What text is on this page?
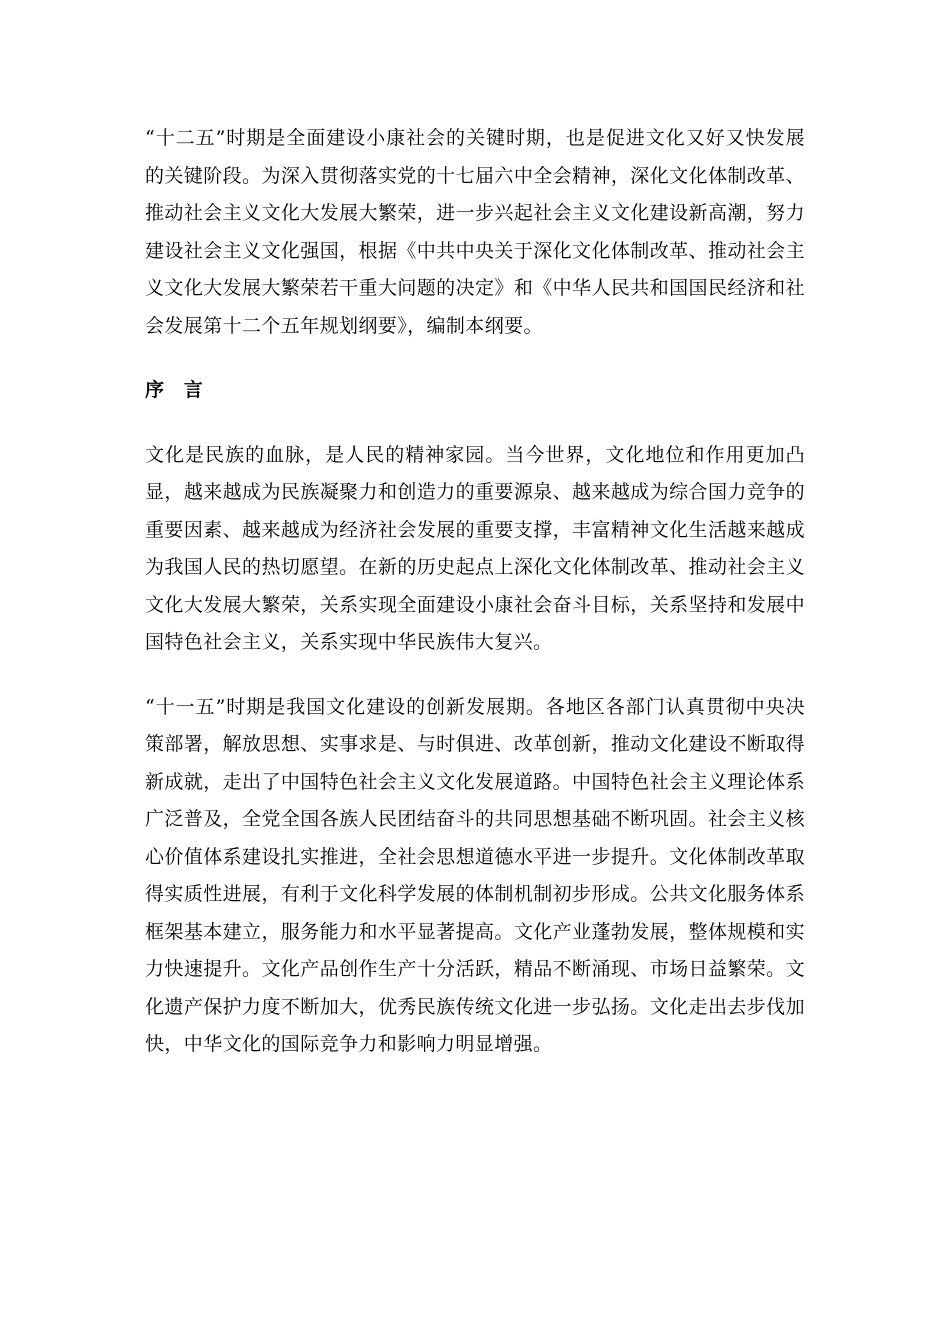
“十二五”时期是全面建设小康社会的关键时期，也是促进文化又好又快发展的关键阶段。为深入贯彻落实党的十七届六中全会精神，深化文化体制改革、推动社会主义文化大发展大繁荣，进一步兴起社会主义文化建设新高潮，努力建设社会主义文化强国，根据《中共中央关于深化文化体制改革、推动社会主义文化大发展大繁荣若干重大问题的决定》和《中华人民共和国国民经济和社会发展第十二个五年规划纲要》，编制本纲要。

序　言

文化是民族的血脉，是人民的精神家园。当今世界，文化地位和作用更加凸显，越来越成为民族凝聚力和创造力的重要源泉、越来越成为综合国力竞争的重要因素、越来越成为经济社会发展的重要支撑，丰富精神文化生活越来越成为我国人民的热切愿望。在新的历史起点上深化文化体制改革、推动社会主义文化大发展大繁荣，关系实现全面建设小康社会奋斗目标，关系坚持和发展中国特色社会主义，关系实现中华民族伟大复兴。

“十一五”时期是我国文化建设的创新发展期。各地区各部门认真贯彻中央决策部署，解放思想、实事求是、与时俱进、改革创新，推动文化建设不断取得新成就，走出了中国特色社会主义文化发展道路。中国特色社会主义理论体系广泛普及，全党全国各族人民团结奋斗的共同思想基础不断巩固。社会主义核心价值体系建设扎实推进，全社会思想道德水平进一步提升。文化体制改革取得实质性进展，有利于文化科学发展的体制机制初步形成。公共文化服务体系框架基本建立，服务能力和水平显著提高。文化产业蓬勃发展，整体规模和实力快速提升。文化产品创作生产十分活跃，精品不断涌现、市场日益繁荣。文化遗产保护力度不断加大，优秀民族传统文化进一步弘扬。文化走出去步伐加快，中华文化的国际竞争力和影响力明显增强。
